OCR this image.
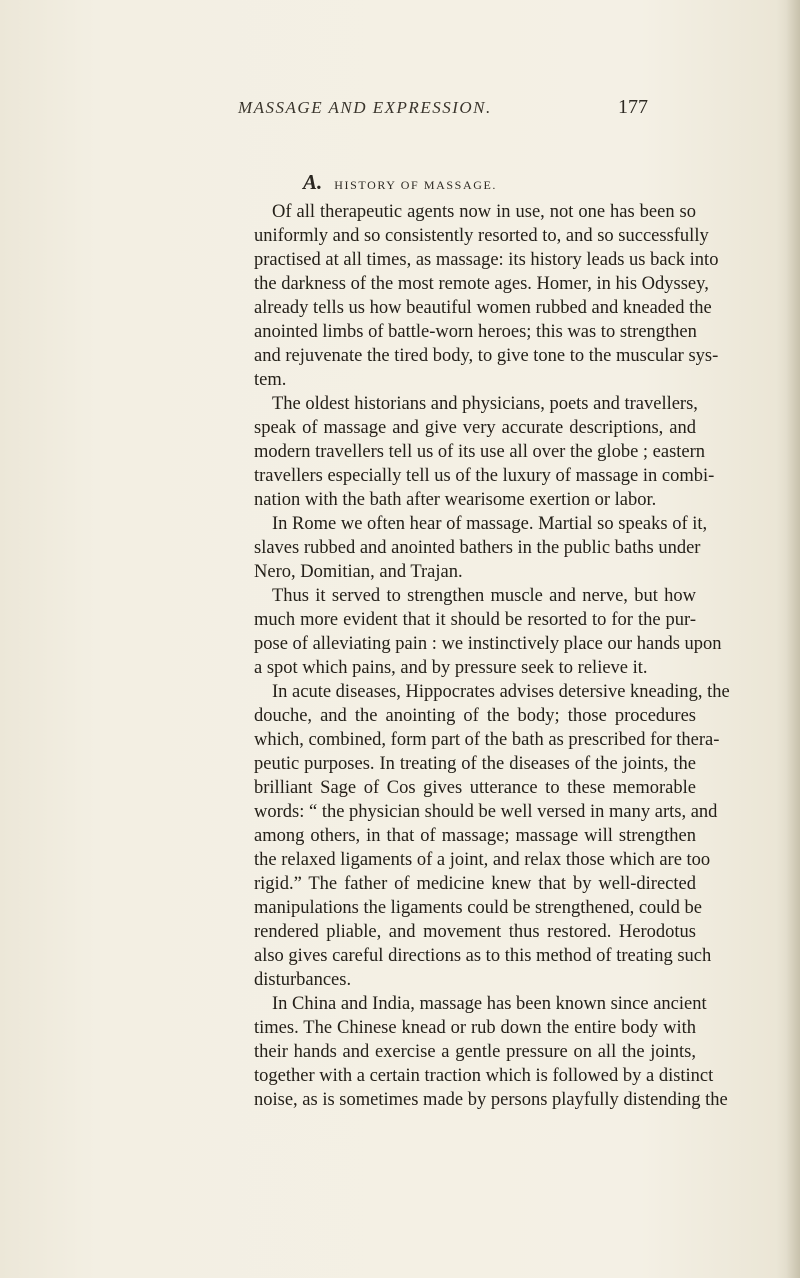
MASSAGE AND EXPRESSION.	177
A. HISTORY OF MASSAGE.
Of all therapeutic agents now in use, not one has been so
uniformly and so consistently resorted to, and so successfully
practised at all times, as massage: its history leads us back into
the darkness of the most remote ages. Homer, in his Odyssey,
already tells us how beautiful women rubbed and kneaded the
anointed limbs of battle-worn heroes; this was to strengthen
and rejuvenate the tired body, to give tone to the muscular sys-
tem.
The oldest historians and physicians, poets and travellers,
speak of massage and give very accurate descriptions, and
modern travellers tell us of its use all over the globe ; eastern
travellers especially tell us of the luxury of massage in combi-
nation with the bath after wearisome exertion or labor.
In Rome we often hear of massage. Martial so speaks of it,
slaves rubbed and anointed bathers in the public baths under
Nero, Domitian, and Trajan.
Thus it served to strengthen muscle and nerve, but how
much more evident that it should be resorted to for the pur-
pose of alleviating pain : we instinctively place our hands upon
a spot which pains, and by pressure seek to relieve it.
In acute diseases, Hippocrates advises detersive kneading, the
douche, and the anointing of the body; those procedures
which, combined, form part of the bath as prescribed for thera-
peutic purposes. In treating of the diseases of the joints, the
brilliant Sage of Cos gives utterance to these memorable
words: “ the physician should be well versed in many arts, and
among others, in that of massage; massage will strengthen
the relaxed ligaments of a joint, and relax those which are too
rigid.” The father of medicine knew that by well-directed
manipulations the ligaments could be strengthened, could be
rendered pliable, and movement thus restored. Herodotus
also gives careful directions as to this method of treating such
disturbances.
In China and India, massage has been known since ancient
times. The Chinese knead or rub down the entire body with
their hands and exercise a gentle pressure on all the joints,
together with a certain traction which is followed by a distinct
noise, as is sometimes made by persons playfully distending the
